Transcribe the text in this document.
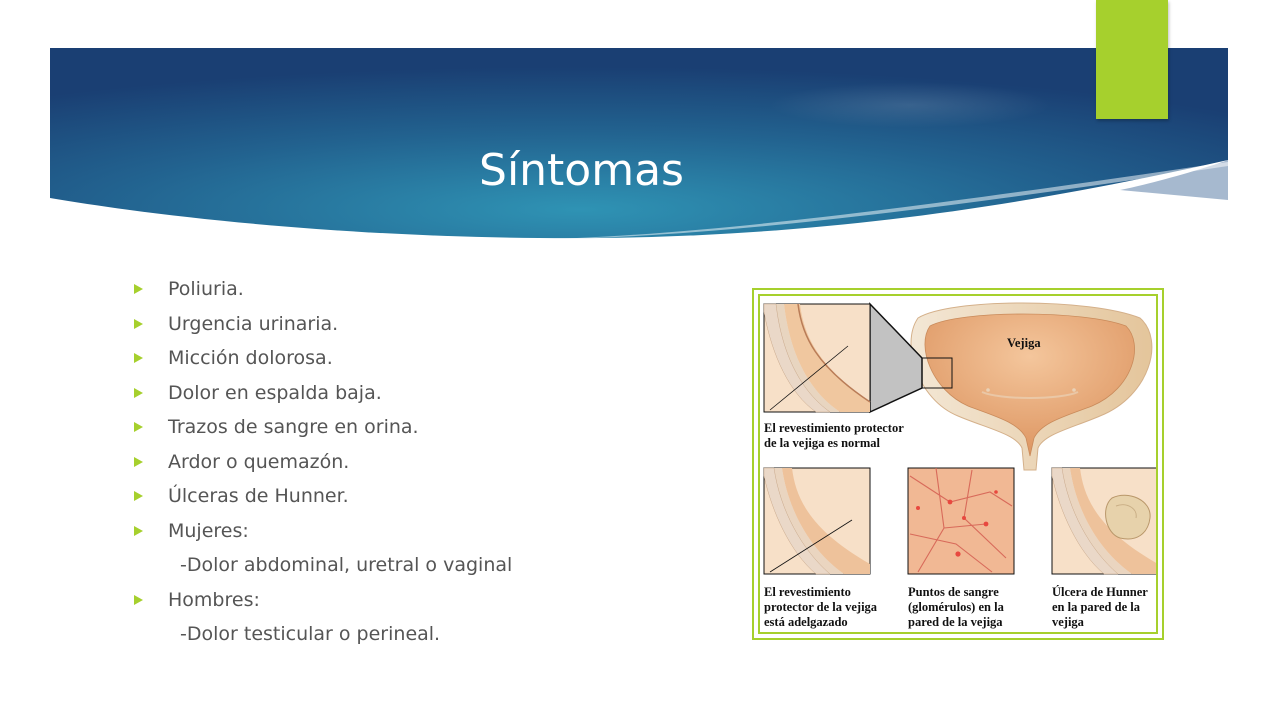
Síntomas
Poliuria.
Urgencia urinaria.
Micción dolorosa.
Dolor en espalda baja.
Trazos de sangre en orina.
Ardor o quemazón.
Úlceras de Hunner.
Mujeres:
-Dolor abdominal, uretral o vaginal
Hombres:
-Dolor testicular o perineal.

Vejiga

El revestimiento protector
de la vejiga es normal

El revestimiento
protector de la vejiga
está adelgazado

Puntos de sangre
(glomérulos) en la
pared de la vejiga

Úlcera de Hunner
en la pared de la
vejiga
